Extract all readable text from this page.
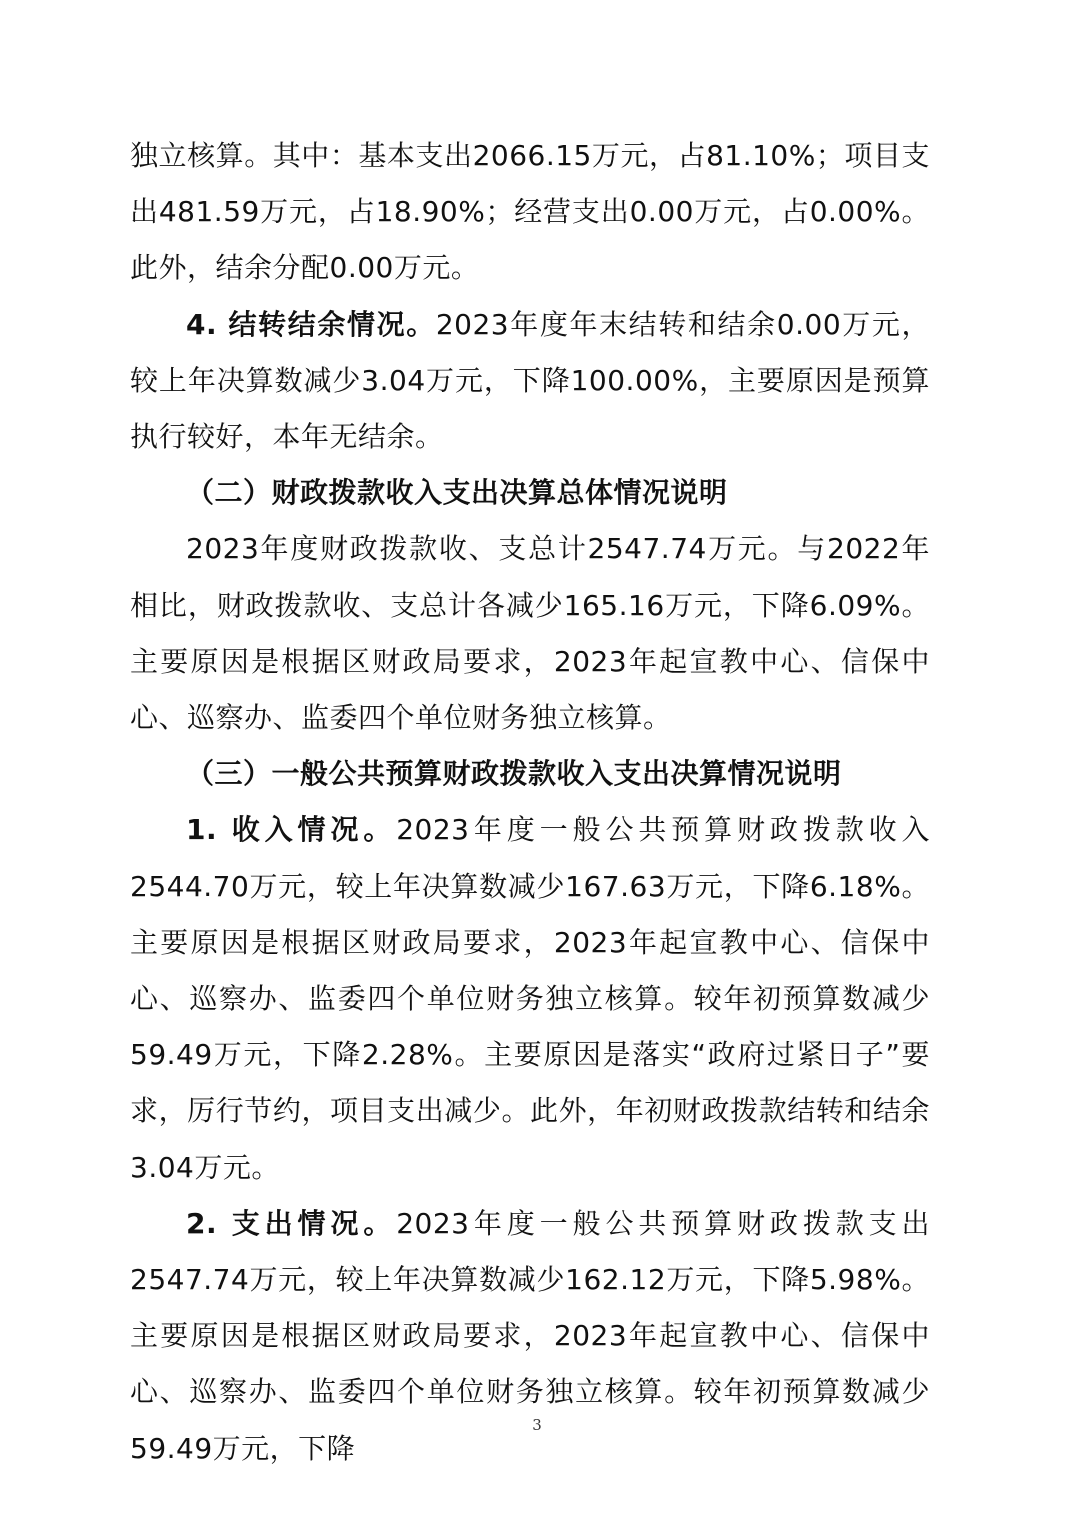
独立核算。其中：基本支出2066.15万元，占81.10%；项目支出481.59万元，占18.90%；经营支出0.00万元，占0.00%。此外，结余分配0.00万元。

4. 结转结余情况。2023年度年末结转和结余0.00万元，较上年决算数减少3.04万元，下降100.00%，主要原因是预算执行较好，本年无结余。

（二）财政拨款收入支出决算总体情况说明

2023年度财政拨款收、支总计2547.74万元。与2022年相比，财政拨款收、支总计各减少165.16万元，下降6.09%。主要原因是根据区财政局要求，2023年起宣教中心、信保中心、巡察办、监委四个单位财务独立核算。

（三）一般公共预算财政拨款收入支出决算情况说明

1. 收入情况。2023年度一般公共预算财政拨款收入2544.70万元，较上年决算数减少167.63万元，下降6.18%。主要原因是根据区财政局要求，2023年起宣教中心、信保中心、巡察办、监委四个单位财务独立核算。较年初预算数减少59.49万元，下降2.28%。主要原因是落实“政府过紧日子”要求，厉行节约，项目支出减少。此外，年初财政拨款结转和结余3.04万元。

2. 支出情况。2023年度一般公共预算财政拨款支出2547.74万元，较上年决算数减少162.12万元，下降5.98%。主要原因是根据区财政局要求，2023年起宣教中心、信保中心、巡察办、监委四个单位财务独立核算。较年初预算数减少59.49万元，下降

3
